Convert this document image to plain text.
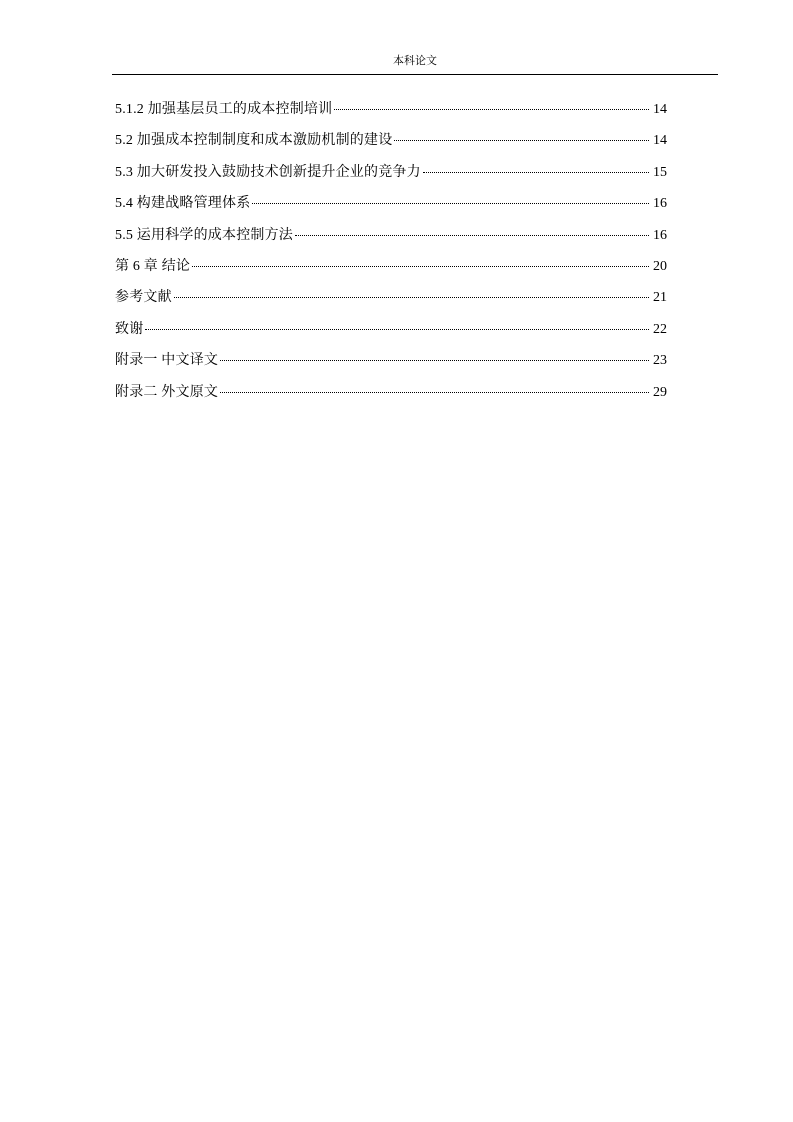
本科论文
5.1.2 加强基层员工的成本控制培训	14
5.2 加强成本控制制度和成本激励机制的建设	14
5.3 加大研发投入鼓励技术创新提升企业的竞争力	15
5.4 构建战略管理体系	16
5.5 运用科学的成本控制方法	16
第 6 章 结论	20
参考文献	21
致谢	22
附录一 中文译文	23
附录二 外文原文	29
